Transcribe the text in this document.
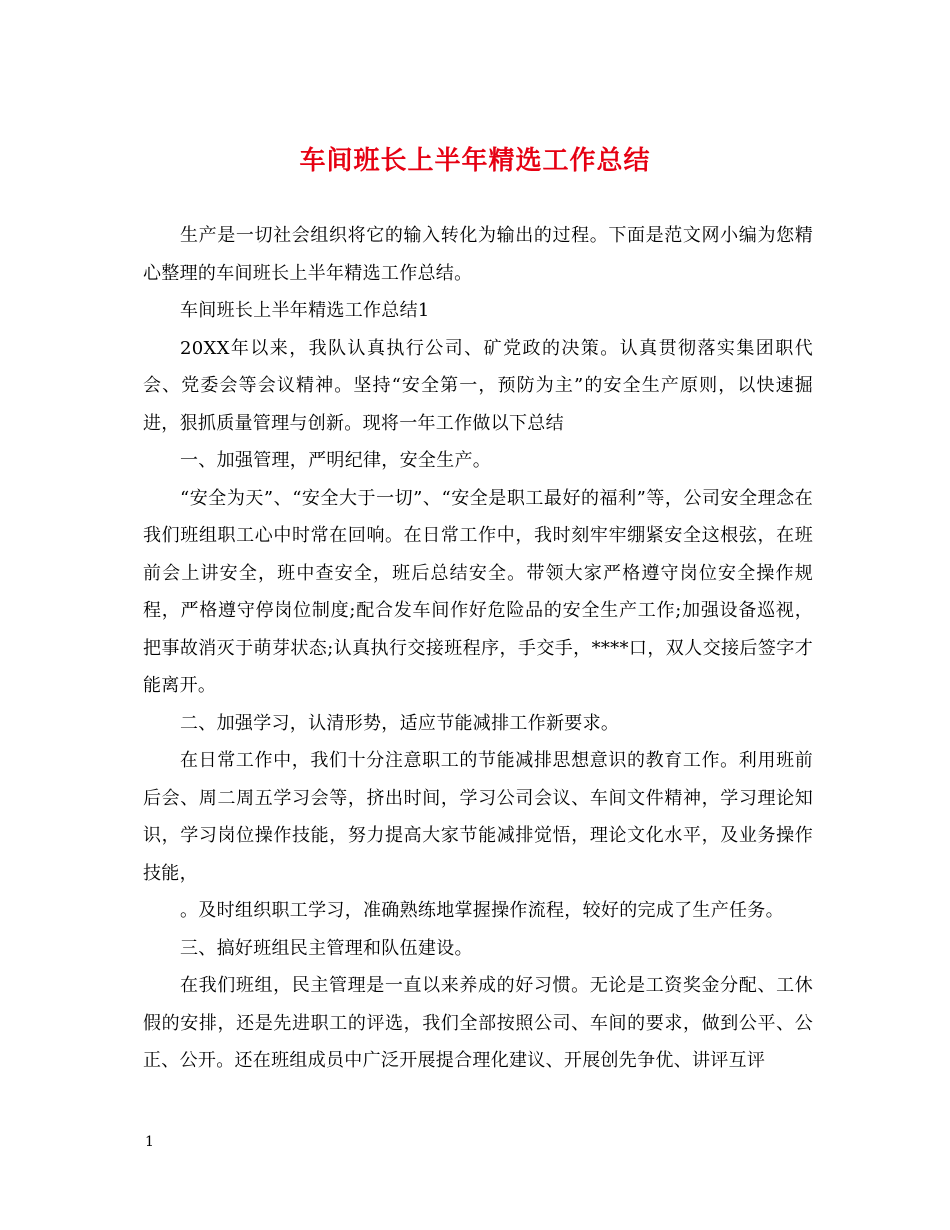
车间班长上半年精选工作总结

生产是一切社会组织将它的输入转化为输出的过程。下面是范文网小编为您精心整理的车间班长上半年精选工作总结。

车间班长上半年精选工作总结1

20XX年以来，我队认真执行公司、矿党政的决策。认真贯彻落实集团职代会、党委会等会议精神。坚持“安全第一，预防为主”的安全生产原则，以快速掘进，狠抓质量管理与创新。现将一年工作做以下总结

一、加强管理，严明纪律，安全生产。

“安全为天”、“安全大于一切”、“安全是职工最好的福利”等，公司安全理念在我们班组职工心中时常在回响。在日常工作中，我时刻牢牢绷紧安全这根弦，在班前会上讲安全，班中查安全，班后总结安全。带领大家严格遵守岗位安全操作规程，严格遵守停岗位制度;配合发车间作好危险品的安全生产工作;加强设备巡视，把事故消灭于萌芽状态;认真执行交接班程序，手交手，****口，双人交接后签字才能离开。

二、加强学习，认清形势，适应节能减排工作新要求。

在日常工作中，我们十分注意职工的节能减排思想意识的教育工作。利用班前后会、周二周五学习会等，挤出时间，学习公司会议、车间文件精神，学习理论知识，学习岗位操作技能，努力提高大家节能减排觉悟，理论文化水平，及业务操作技能，

。及时组织职工学习，准确熟练地掌握操作流程，较好的完成了生产任务。

三、搞好班组民主管理和队伍建设。

在我们班组，民主管理是一直以来养成的好习惯。无论是工资奖金分配、工休假的安排，还是先进职工的评选，我们全部按照公司、车间的要求，做到公平、公正、公开。还在班组成员中广泛开展提合理化建议、开展创先争优、讲评互评

1
